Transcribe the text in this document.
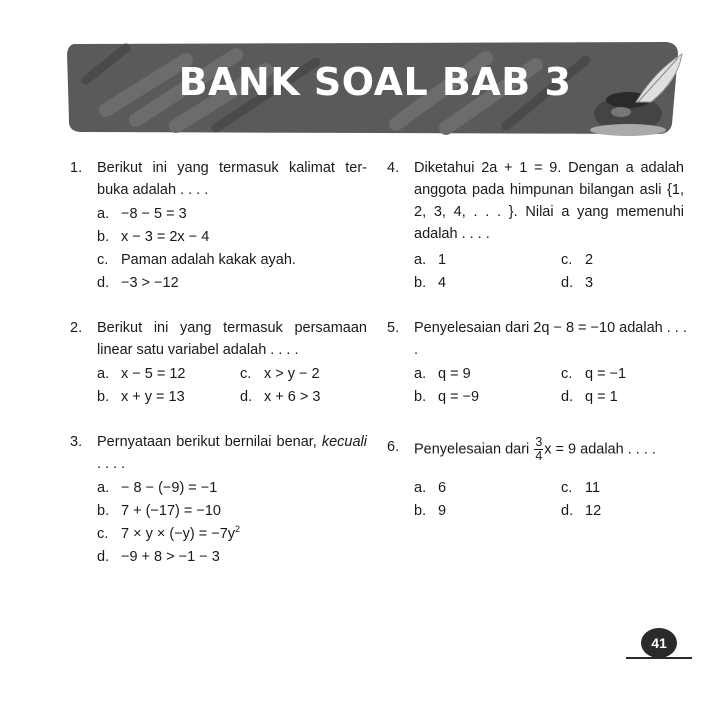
BANK SOAL BAB 3
1. Berikut ini yang termasuk kalimat ter- buka adalah . . . .
a. −8 − 5 = 3
b. x − 3 = 2x − 4
c. Paman adalah kakak ayah.
d. −3 > −12
2. Berikut ini yang termasuk persamaan linear satu variabel adalah . . . .
a. x − 5 = 12	c. x > y − 2
b. x + y = 13	d. x + 6 > 3
3. Pernyataan berikut bernilai benar, kecuali . . . .
a. − 8 − (−9) = −1
b. 7 + (−17) = −10
c. $7 \times y \times (-y) = -7y^2$
d. −9 + 8 > −1 − 3
4. Diketahui 2a + 1 = 9. Dengan a adalah anggota pada himpunan bilangan asli {1, 2, 3, 4, . . . }. Nilai a yang memenuhi adalah . . . .
a. 1	c. 2
b. 4	d. 3
5. Penyelesaian dari 2q − 8 = −10 adalah . . . .
a. q = 9	c. q = −1
b. q = −9	d. q = 1
6. Penyelesaian dari $\frac{3}{4}$ x = 9 adalah . . . .
a. 6	c. 11
b. 9	d. 12
41
